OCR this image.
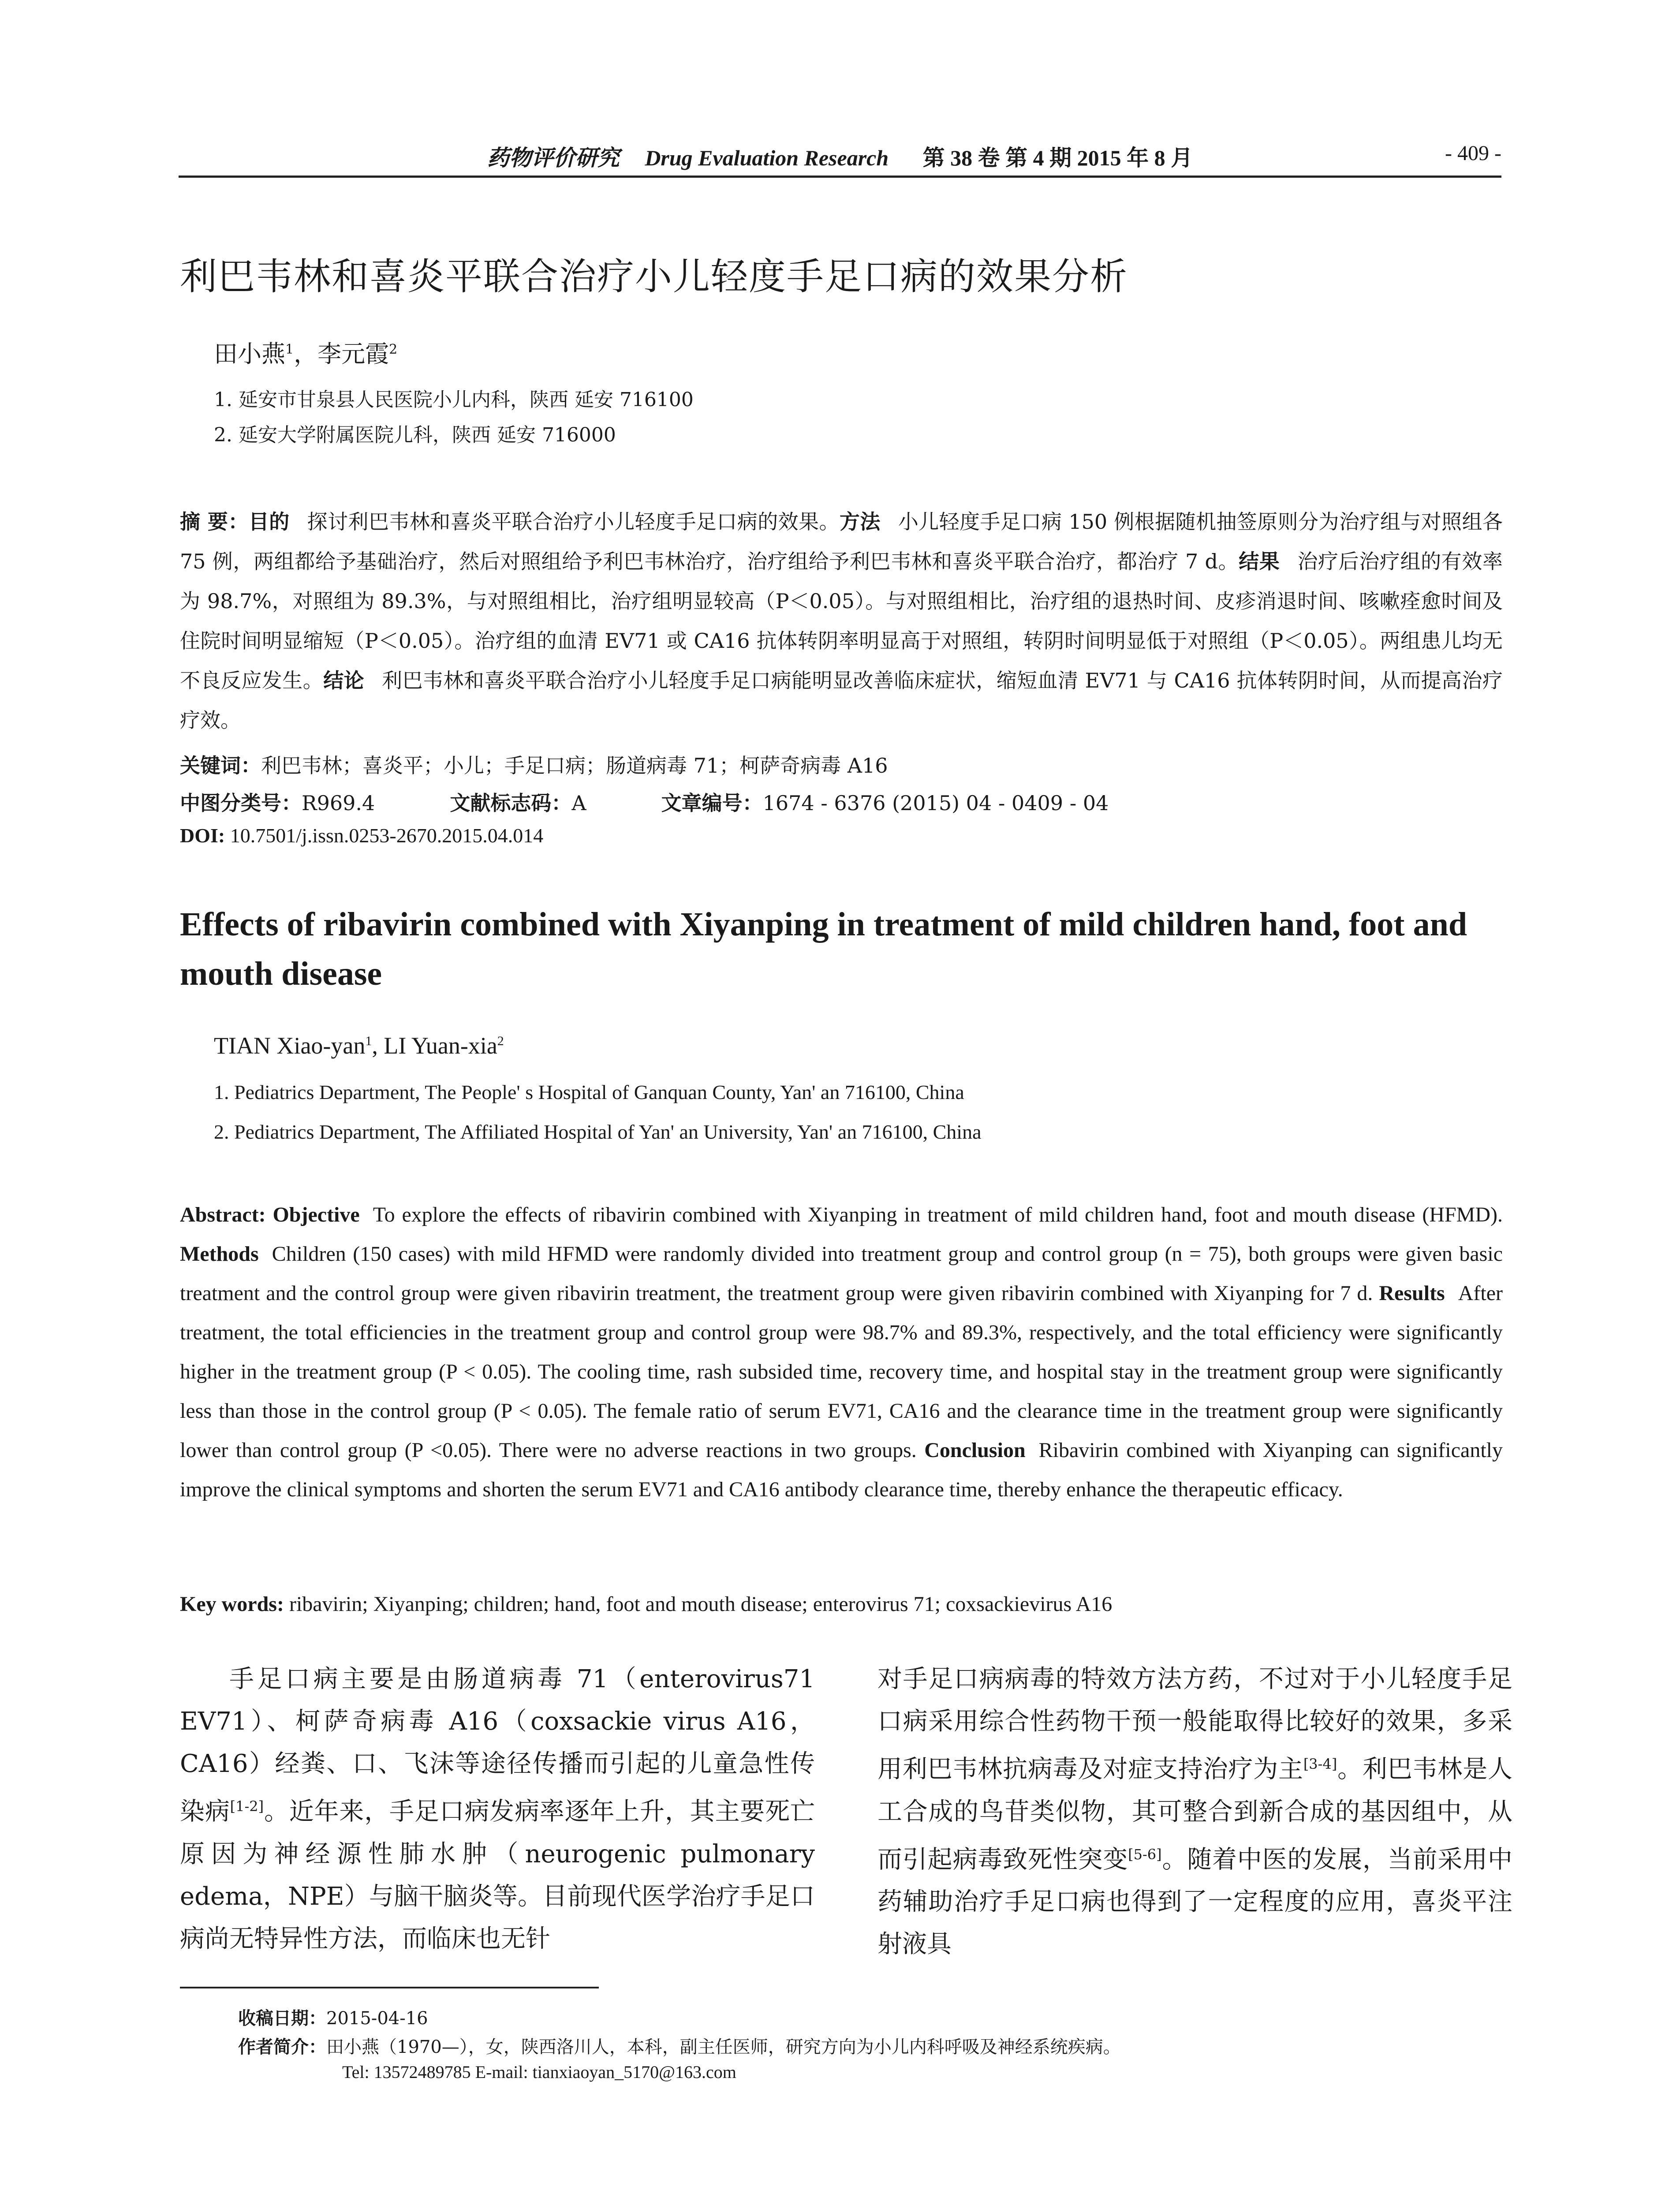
药物评价研究 Drug Evaluation Research 第 38 卷 第 4 期 2015 年 8 月	- 409 -
利巴韦林和喜炎平联合治疗小儿轻度手足口病的效果分析
田小燕$^1$，李元霞$^2$
1. 延安市甘泉县人民医院小儿内科，陕西 延安 716100
2. 延安大学附属医院儿科，陕西 延安 716000
摘 要：目的 探讨利巴韦林和喜炎平联合治疗小儿轻度手足口病的效果。方法 小儿轻度手足口病 150 例根据随机抽签原则分为治疗组与对照组各 75 例，两组都给予基础治疗，然后对照组给予利巴韦林治疗，治疗组给予利巴韦林和喜炎平联合治疗，都治疗 7 d。结果 治疗后治疗组的有效率为 98.7%，对照组为 89.3%，与对照组相比，治疗组明显较高（P＜0.05）。与对照组相比，治疗组的退热时间、皮疹消退时间、咳嗽痊愈时间及住院时间明显缩短（P＜0.05）。治疗组的血清 EV71 或 CA16 抗体转阴率明显高于对照组，转阴时间明显低于对照组（P＜0.05）。两组患儿均无不良反应发生。结论 利巴韦林和喜炎平联合治疗小儿轻度手足口病能明显改善临床症状，缩短血清 EV71 与 CA16 抗体转阴时间，从而提高治疗疗效。
关键词：利巴韦林；喜炎平；小儿；手足口病；肠道病毒 71；柯萨奇病毒 A16
中图分类号：R969.4	文献标志码：A	文章编号：1674 - 6376 (2015) 04 - 0409 - 04
DOI: 10.7501/j.issn.0253-2670.2015.04.014
Effects of ribavirin combined with Xiyanping in treatment of mild children hand, foot and mouth disease
TIAN Xiao-yan$^1$, LI Yuan-xia$^2$
1. Pediatrics Department, The People' s Hospital of Ganquan County, Yan' an 716100, China
2. Pediatrics Department, The Affiliated Hospital of Yan' an University, Yan' an 716100, China
Abstract: Objective To explore the effects of ribavirin combined with Xiyanping in treatment of mild children hand, foot and mouth disease (HFMD). Methods Children (150 cases) with mild HFMD were randomly divided into treatment group and control group (n = 75), both groups were given basic treatment and the control group were given ribavirin treatment, the treatment group were given ribavirin combined with Xiyanping for 7 d. Results After treatment, the total efficiencies in the treatment group and control group were 98.7% and 89.3%, respectively, and the total efficiency were significantly higher in the treatment group (P < 0.05). The cooling time, rash subsided time, recovery time, and hospital stay in the treatment group were significantly less than those in the control group (P < 0.05). The female ratio of serum EV71, CA16 and the clearance time in the treatment group were significantly lower than control group (P <0.05). There were no adverse reactions in two groups. Conclusion Ribavirin combined with Xiyanping can significantly improve the clinical symptoms and shorten the serum EV71 and CA16 antibody clearance time, thereby enhance the therapeutic efficacy.
Key words: ribavirin; Xiyanping; children; hand, foot and mouth disease; enterovirus 71; coxsackievirus A16

手足口病主要是由肠道病毒 71（enterovirus71 EV71）、柯萨奇病毒 A16（coxsackie virus A16，CA16）经粪、口、飞沫等途径传播而引起的儿童急性传染病[1-2]。近年来，手足口病发病率逐年上升，其主要死亡原因为神经源性肺水肿（neurogenic pulmonary edema，NPE）与脑干脑炎等。目前现代医学治疗手足口病尚无特异性方法，而临床也无针

对手足口病病毒的特效方法方药，不过对于小儿轻度手足口病采用综合性药物干预一般能取得比较好的效果，多采用利巴韦林抗病毒及对症支持治疗为主[3-4]。利巴韦林是人工合成的鸟苷类似物，其可整合到新合成的基因组中，从而引起病毒致死性突变[5-6]。随着中医的发展，当前采用中药辅助治疗手足口病也得到了一定程度的应用，喜炎平注射液具

收稿日期：2015-04-16
作者简介：田小燕（1970—），女，陕西洛川人，本科，副主任医师，研究方向为小儿内科呼吸及神经系统疾病。
Tel: 13572489785 E-mail: tianxiaoyan_5170@163.com
